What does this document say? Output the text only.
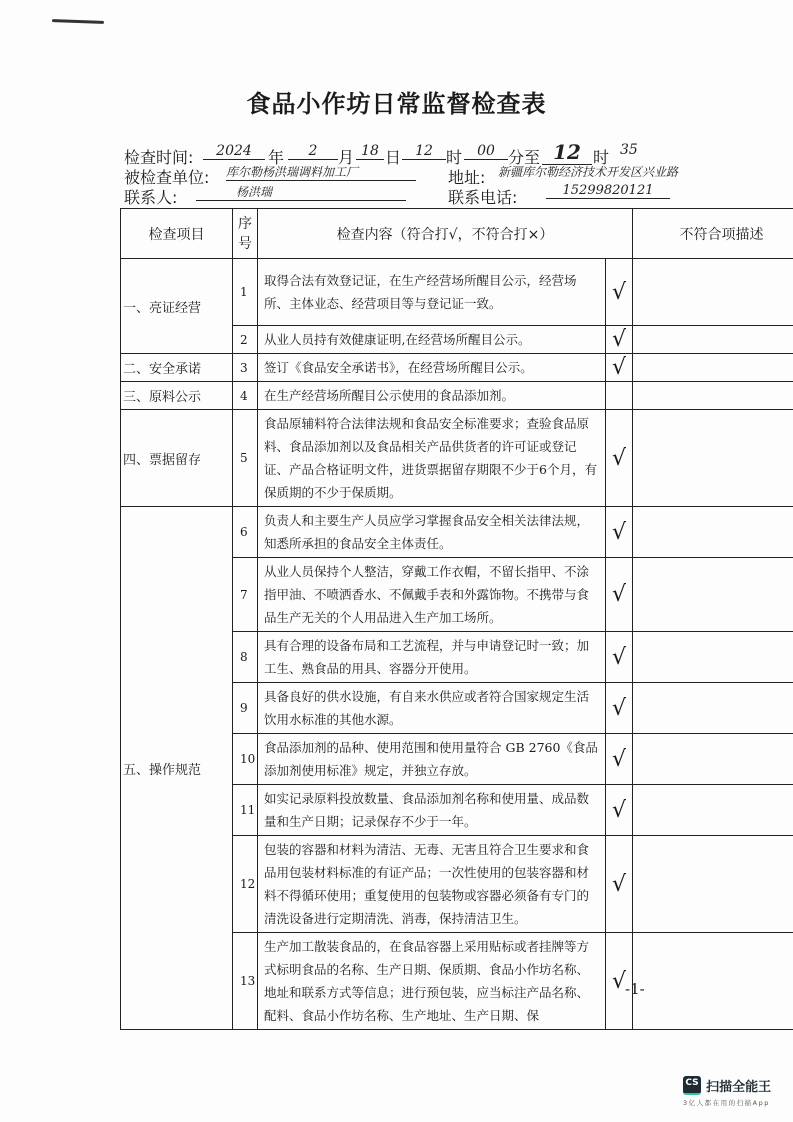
食品小作坊日常监督检查表
检查时间:	2024	年	2	月 18 日	12 时	00 分至 12 时 35
被检查单位: 库尔勒杨洪瑞调料加工厂	地址: 新疆库尔勒经济技术开发区兴业路
联系人:	杨洪瑞	联系电话:	15299820121
检查项目	序号	检查内容（符合打√，不符合打×）		不符合项描述
一、亮证经营	1	取得合法有效登记证，在生产经营场所醒目公示，经营场所、主体业态、经营项目等与登记证一致。	√	
	2	从业人员持有效健康证明,在经营场所醒目公示。	√	
二、安全承诺	3	签订《食品安全承诺书》，在经营场所醒目公示。	√	
三、原料公示	4	在生产经营场所醒目公示使用的食品添加剂。		
四、票据留存	5	食品原辅料符合法律法规和食品安全标准要求；查验食品原料、食品添加剂以及食品相关产品供货者的许可证或登记证、产品合格证明文件，进货票据留存期限不少于6个月，有保质期的不少于保质期。	√	
五、操作规范	6	负责人和主要生产人员应学习掌握食品安全相关法律法规，知悉所承担的食品安全主体责任。	√	
	7	从业人员保持个人整洁，穿戴工作衣帽，不留长指甲、不涂指甲油、不喷洒香水、不佩戴手表和外露饰物。不携带与食品生产无关的个人用品进入生产加工场所。	√	
	8	具有合理的设备布局和工艺流程，并与申请登记时一致；加工生、熟食品的用具、容器分开使用。	√	
	9	具备良好的供水设施，有自来水供应或者符合国家规定生活饮用水标准的其他水源。	√	
	10	食品添加剂的品种、使用范围和使用量符合 GB 2760《食品添加剂使用标准》规定，并独立存放。	√	
	11	如实记录原料投放数量、食品添加剂名称和使用量、成品数量和生产日期；记录保存不少于一年。	√	
	12	包装的容器和材料为清洁、无毒、无害且符合卫生要求和食品用包装材料标准的有证产品；一次性使用的包装容器和材料不得循环使用；重复使用的包装物或容器必须备有专门的清洗设备进行定期清洗、消毒，保持清洁卫生。	√	
	13	生产加工散装食品的，在食品容器上采用贴标或者挂牌等方式标明食品的名称、生产日期、保质期、食品小作坊名称、地址和联系方式等信息；进行预包装，应当标注产品名称、配料、食品小作坊名称、生产地址、生产日期、保	√	
-1-
CS 扫描全能王
3亿人都在用的扫描App
